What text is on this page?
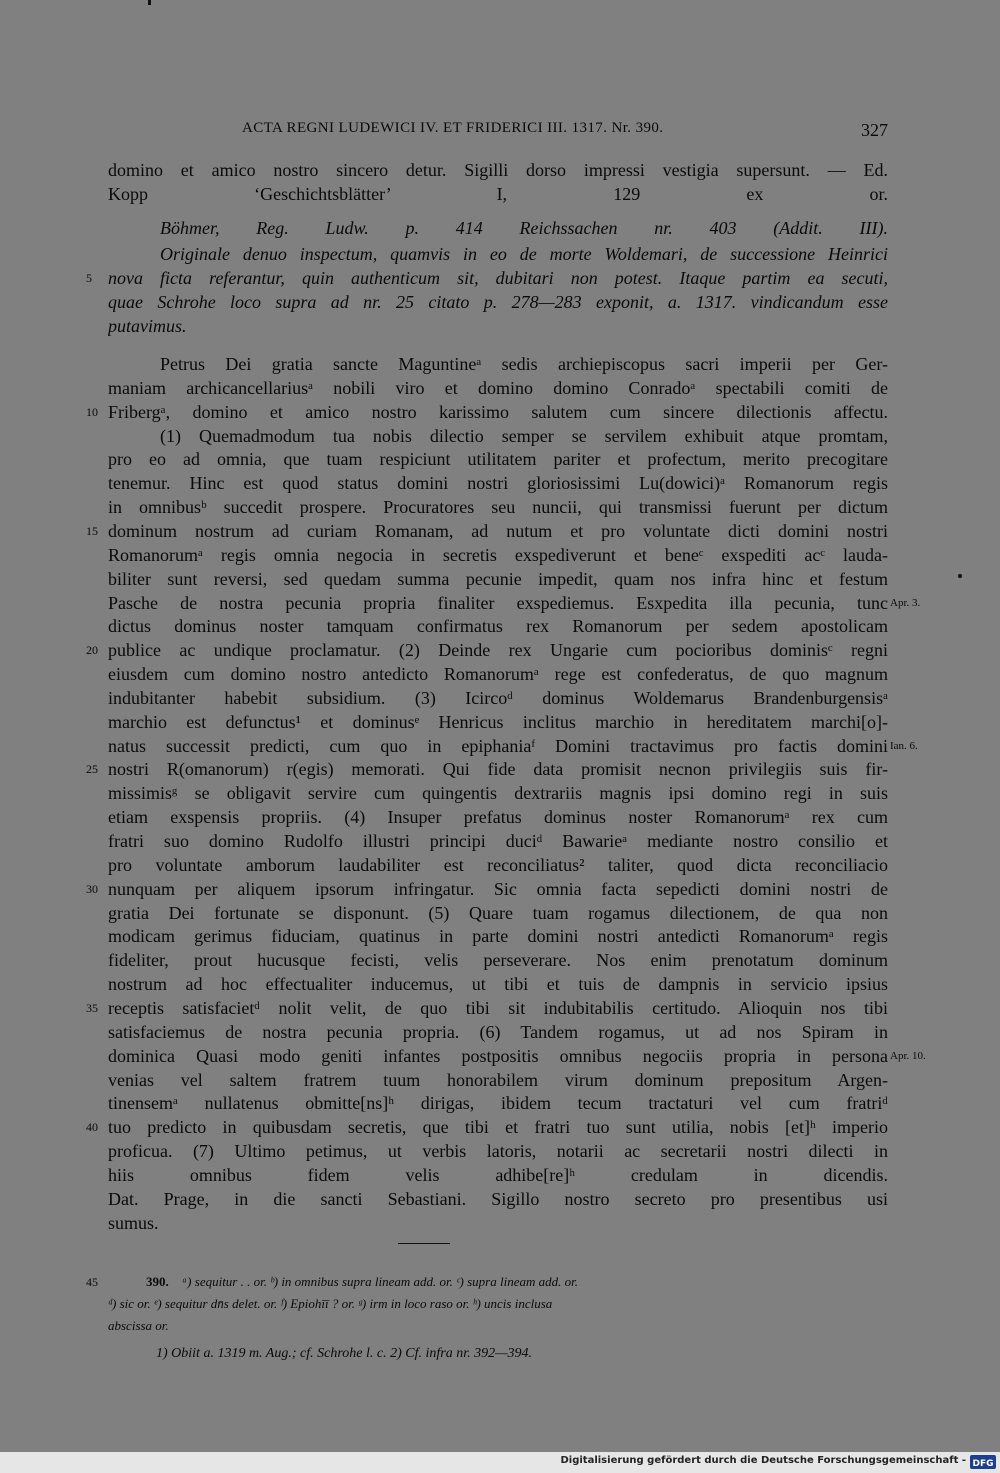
ACTA REGNI LUDEWICI IV. ET FRIDERICI III. 1317. Nr. 390.	327
domino et amico nostro sincero detur. Sigilli dorso impressi vestigia supersunt. — Ed.
Kopp ‘Geschichtsblätter’ I, 129 ex or.
Böhmer, Reg. Ludw. p. 414 Reichssachen nr. 403 (Addit. III).
Originale denuo inspectum, quamvis in eo de morte Woldemari, de successione Heinrici
5 nova ficta referantur, quin authenticum sit, dubitari non potest. Itaque partim ea secuti,
quae Schrohe loco supra ad nr. 25 citato p. 278—283 exponit, a. 1317. vindicandum esse
putavimus.
Petrus Dei gratia sancte Maguntineᵃ sedis archiepiscopus sacri imperii per Ger-
maniam archicancellariusᵃ nobili viro et domino domino Conradoᵃ spectabili comiti de
10 Fribergᵃ, domino et amico nostro karissimo salutem cum sincere dilectionis affectu.
(1) Quemadmodum tua nobis dilectio semper se servilem exhibuit atque promtam,
pro eo ad omnia, que tuam respiciunt utilitatem pariter et profectum, merito precogitare
tenemur. Hinc est quod status domini nostri gloriosissimi Lu(dowici)ᵃ Romanorum regis
in omnibusᵇ succedit prospere. Procuratores seu nuncii, qui transmissi fuerunt per dictum
15 dominum nostrum ad curiam Romanam, ad nutum et pro voluntate dicti domini nostri
Romanorumᵃ regis omnia negocia in secretis exspediverunt et beneᶜ exspediti acᶜ lauda-
biliter sunt reversi, sed quedam summa pecunie impedit, quam nos infra hinc et festum
Apr. 3.
Pasche de nostra pecunia propria finaliter exspediemus. Esxpedita illa pecunia, tunc
dictus dominus noster tamquam confirmatus rex Romanorum per sedem apostolicam
20 publice ac undique proclamatur. (2) Deinde rex Ungarie cum pocioribus dominisᶜ regni
eiusdem cum domino nostro antedicto Romanorumᵃ rege est confederatus, de quo magnum
indubitanter habebit subsidium. (3) Icircoᵈ dominus Woldemarus Brandenburgensisᵃ
marchio est defunctus¹ et dominusᵉ Henricus inclitus marchio in hereditatem marchi[o]-
Ian. 6.
natus successit predicti, cum quo in epiphaniaᶠ Domini tractavimus pro factis domini
25 nostri R(omanorum) r(egis) memorati. Qui fide data promisit necnon privilegiis suis fir-
missimisᵍ se obligavit servire cum quingentis dextrariis magnis ipsi domino regi in suis
etiam exspensis propriis. (4) Insuper prefatus dominus noster Romanorumᵃ rex cum
fratri suo domino Rudolfo illustri principi duciᵈ Bawarieᵃ mediante nostro consilio et
pro voluntate amborum laudabiliter est reconciliatus² taliter, quod dicta reconciliacio
30 nunquam per aliquem ipsorum infringatur. Sic omnia facta sepedicti domini nostri de
gratia Dei fortunate se disponunt. (5) Quare tuam rogamus dilectionem, de qua non
modicam gerimus fiduciam, quatinus in parte domini nostri antedicti Romanorumᵃ regis
fideliter, prout hucusque fecisti, velis perseverare. Nos enim prenotatum dominum
nostrum ad hoc effectualiter inducemus, ut tibi et tuis de dampnis in servicio ipsius
35 receptis satisfacietᵈ nolit velit, de quo tibi sit indubitabilis certitudo. Alioquin nos tibi
satisfaciemus de nostra pecunia propria. (6) Tandem rogamus, ut ad nos Spiram in
Apr. 10.
dominica Quasi modo geniti infantes postpositis omnibus negociis propria in persona
venias vel saltem fratrem tuum honorabilem virum dominum prepositum Argen-
tinensemᵃ nullatenus obmitte[ns]ʰ dirigas, ibidem tecum tractaturi vel cum fratriᵈ
40 tuo predicto in quibusdam secretis, que tibi et fratri tuo sunt utilia, nobis [et]ʰ imperio
proficua. (7) Ultimo petimus, ut verbis latoris, notarii ac secretarii nostri dilecti in
hiis omnibus fidem velis adhibe[re]ʰ credulam in dicendis.
Dat. Prage, in die sancti Sebastiani. Sigillo nostro secreto pro presentibus usi
sumus.
45	390. ᵃ) sequitur . . or. ᵇ) in omnibus supra lineam add. or. ᶜ) supra lineam add. or.
ᵈ) sic or. ᵉ) sequitur dn̄s delet. or. ᶠ) Epiohīī ? or. ᵍ) irm in loco raso or. ʰ) uncis inclusa
abscissa or.
1) Obiit a. 1319 m. Aug.; cf. Schrohe l. c. 2) Cf. infra nr. 392—394.
Digitalisierung gefördert durch die Deutsche Forschungsgemeinschaft - DFG
